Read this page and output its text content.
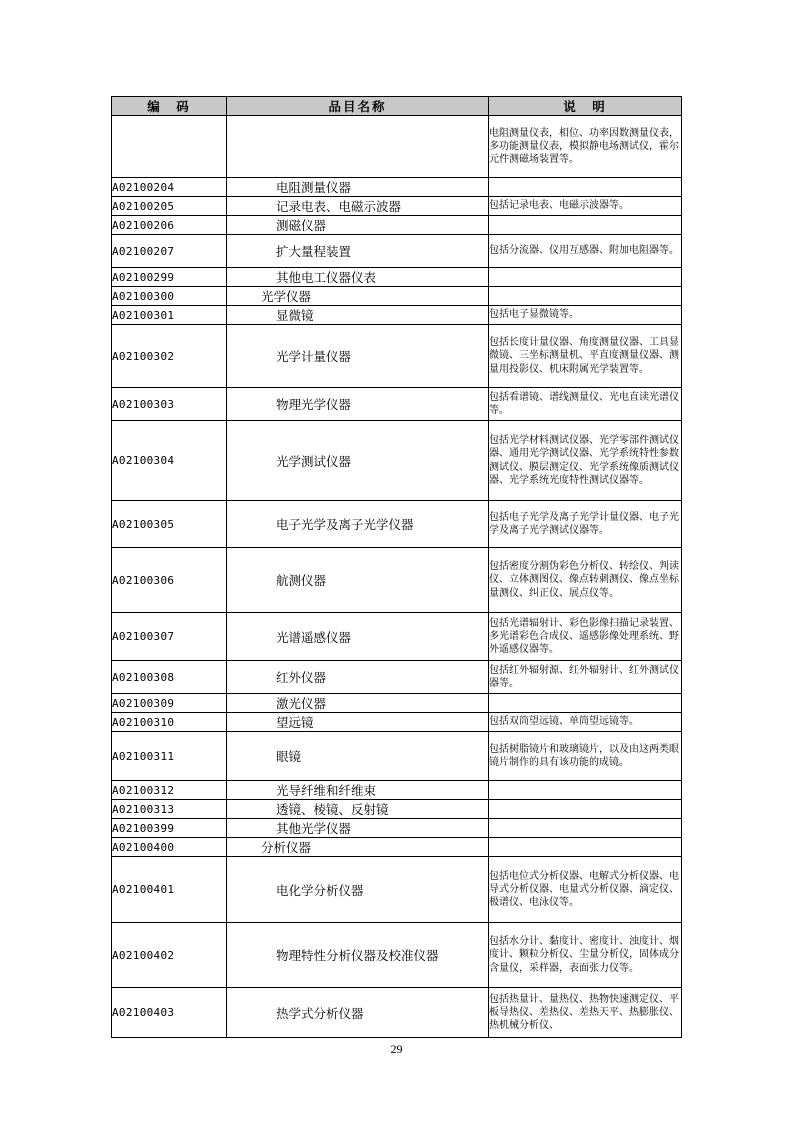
编　码	品目名称	说　明
		电阻测量仪表，相位、功率因数测量仪表，多功能测量仪表，模拟静电场测试仪，霍尔元件测磁场装置等。
A02100204	电阻测量仪器	
A02100205	记录电表、电磁示波器	包括记录电表、电磁示波器等。
A02100206	测磁仪器	
A02100207	扩大量程装置	包括分流器、仪用互感器、附加电阻器等。
A02100299	其他电工仪器仪表	
A02100300	光学仪器	
A02100301	显微镜	包括电子显微镜等。
A02100302	光学计量仪器	包括长度计量仪器、角度测量仪器、工具显微镜、三坐标测量机、平直度测量仪器、测量用投影仪、机床附属光学装置等。
A02100303	物理光学仪器	包括看谱镜、谱线测量仪、光电直读光谱仪等。
A02100304	光学测试仪器	包括光学材料测试仪器、光学零部件测试仪器、通用光学测试仪器、光学系统特性参数测试仪、膜层测定仪、光学系统像质测试仪器、光学系统光度特性测试仪器等。
A02100305	电子光学及离子光学仪器	包括电子光学及离子光学计量仪器、电子光学及离子光学测试仪器等。
A02100306	航测仪器	包括密度分割伪彩色分析仪、转绘仪、判读仪、立体测图仪、像点转刺测仪、像点坐标量测仪、纠正仪、展点仪等。
A02100307	光谱遥感仪器	包括光谱辐射计、彩色影像扫描记录装置、多光谱彩色合成仪、遥感影像处理系统、野外遥感仪器等。
A02100308	红外仪器	包括红外辐射源、红外辐射计、红外测试仪器等。
A02100309	激光仪器	
A02100310	望远镜	包括双筒望远镜、单筒望远镜等。
A02100311	眼镜	包括树脂镜片和玻璃镜片，以及由这两类眼镜片制作的具有该功能的成镜。
A02100312	光导纤维和纤维束	
A02100313	透镜、棱镜、反射镜	
A02100399	其他光学仪器	
A02100400	分析仪器	
A02100401	电化学分析仪器	包括电位式分析仪器、电解式分析仪器、电导式分析仪器、电量式分析仪器、滴定仪、极谱仪、电泳仪等。
A02100402	物理特性分析仪器及校准仪器	包括水分计、黏度计、密度计、浊度计、烟度计、颗粒分析仪、尘量分析仪，固体成分含量仪，采样器，表面张力仪等。
A02100403	热学式分析仪器	包括热量计、量热仪、热物快速测定仪、平板导热仪、差热仪、差热天平、热膨胀仪、热机械分析仪、
29
